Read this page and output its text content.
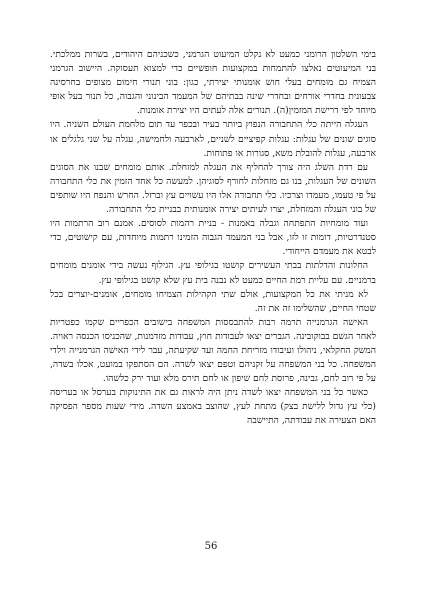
בימי השלטון הרומני כמעט לא נקלט המיעוט הגרמני, כשכניהם היהודים, בשרות ממלכתי. בני המיעוטים נאלצו להתמחות במקצועות חופשיים כדי למצוא תעסוקה. היישוב הגרמני הצמיח גם מומחים בעלי חוש אומנותי יצירתי, כגון: בוני תנורי חימום מצופים בחרסינה צבעונית בחדרי אורחים ובחדרי שינה בבתיהם של המעמד הבינוני והגבוה, כל תנור בעל אופי מיוחד לפי דרישת המזמין(ה). תנורים אלה לעתים היו יצירת אומנות.

העגלה הייתה כלי התחבורה הנפוץ ביותר בעיר ובכפר עד תום מלחמת העולם השניה. היו סוגים שונים של עגלות: עגלות קפיציים לשניים, לארבעה ולחמישה, עגלה על שני גלגלים או ארבעה, עגלות להובלת משא, סגורות או פתוחות.

עם רדת השלג היה צורך להחליף את העגלה למזחלת. אותם מומחים שבנו את הסוגים השונים של העגלות, בנו גם מזחלות לחורף לסוגיהן. למעשה כל אחד הזמין את כלי התחבורה על פי טעמו, מעמדו וצרכיו. כלי תחבורה אלו היו עשויים עץ וברזל. החרש והנפח היו שותפים של בוני העגלה והמזחלת, יצרו לעיתים יצירה אומנותית בבניית כלי התחבורה.

ועוד מומחיות התפתחה וגבלה באמנות - בניית רהמות לסוסים. אמנם רוב הרתמות היו סטנדרטיות, דומות זו לזו, אבל בני המעמד הגבוה הזמינו רתמות מיוחדות, עם קישוטים, כדי לבטא את מעמדם הייחודי.

החלונות והדלתות בבתי העשירים קושטו בגילופי עץ. הגילוף נעשה בידי אומנים מומחים ברמניים. עם עליית רמת החיים כמעט לא נבנה בית עץ שלא קושט בגילופי עץ.

לא מניתי את כל המקצועות, אולם שתי הקהילות הצמיחו מומחים, אומנים-יוצרים בכל שטחי החיים, שהשלימו זה את זה.

האישה הגרמנייה תרמה רבות להתבססות המשפחה בישובים הכפריים שקמו כפטריות לאחר הגשם בבוקובינה. הגברים יצאו לעבודות חוץ, עבודות מזדמנות, שהכניסו הכנסה ראויה. המשק החקלאי, ניהולו ועיבודו מזריחת החמה ועד שקיעתה, עבר לידי האישה הגרמנייה וילדי המשפחה. כל בני המשפחה על זקניהם וטפם יצאו לשדה. הם הסתפקו במועט, אכלו בשדה, על פי רוב לחם, גבינה, פרוסת לחם שיפון או לחם תירס מלא ועוד ירק כלשהו.

כאשר כל בני המשפחה יצאו לשדה ניתן היה לראות גם את התינוקות בערסל או בעריסה (כלי עץ גדול ללישת בצק) מתחת לעץ, שהוצב באמצע השדה. מידי שעות מספר הפסיקה האם הצעירה את עבודתה, התיישבה

56
